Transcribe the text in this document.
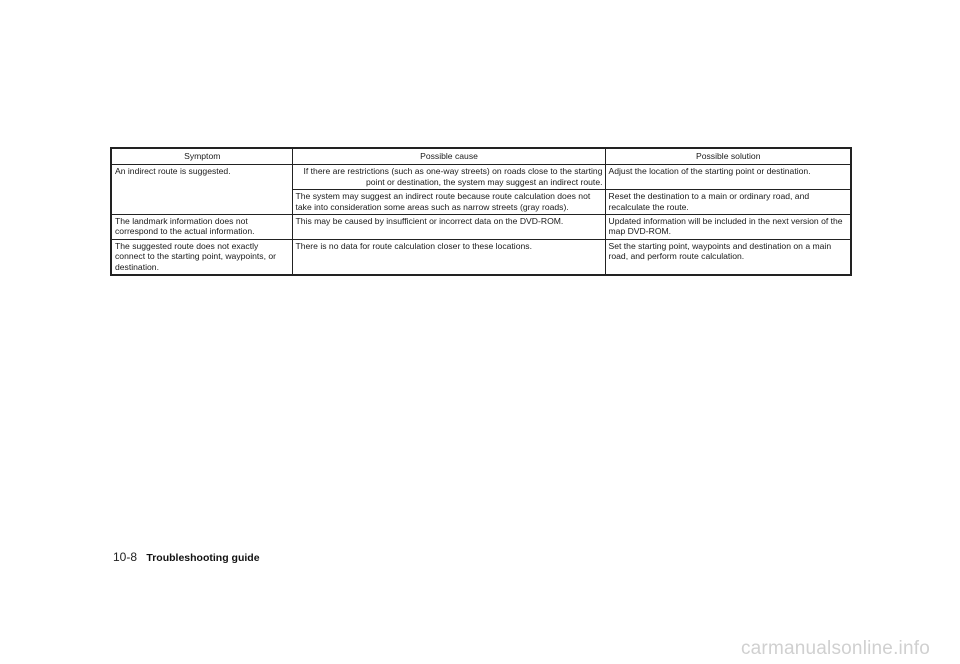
Symptom	Possible cause	Possible solution
An indirect route is suggested.	If there are restrictions (such as one-way streets) on roads close to the starting point or destination, the system may suggest an indirect route.	Adjust the location of the starting point or destination.
	The system may suggest an indirect route because route calculation does not take into consideration some areas such as narrow streets (gray roads).	Reset the destination to a main or ordinary road, and recalculate the route.
The landmark information does not correspond to the actual information.	This may be caused by insufficient or incorrect data on the DVD-ROM.	Updated information will be included in the next version of the map DVD-ROM.
The suggested route does not exactly connect to the starting point, waypoints, or destination.	There is no data for route calculation closer to these locations.	Set the starting point, waypoints and destination on a main road, and perform route calculation.
10-8 Troubleshooting guide
carmanualsonline.info
